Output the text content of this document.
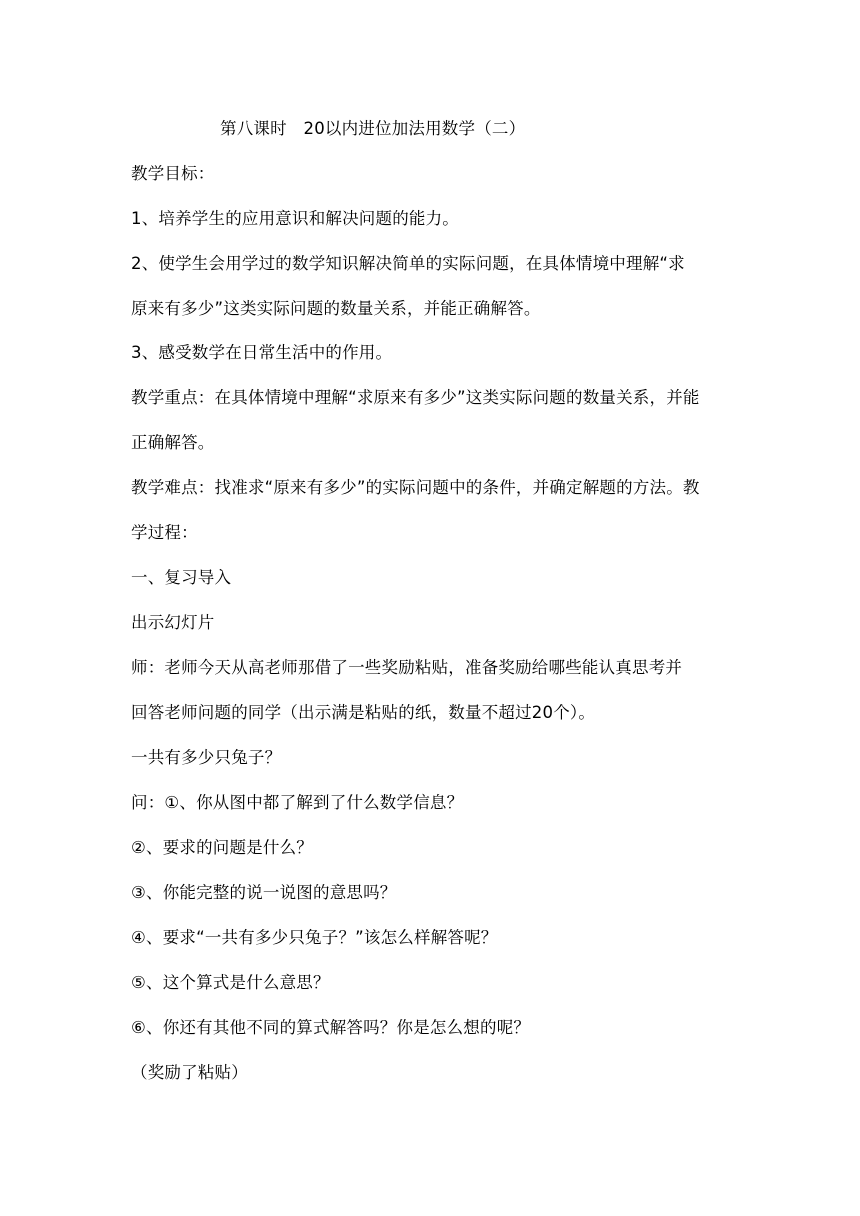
第八课时　20以内进位加法用数学（二）
教学目标：
1、培养学生的应用意识和解决问题的能力。
2、使学生会用学过的数学知识解决简单的实际问题，在具体情境中理解“求
原来有多少”这类实际问题的数量关系，并能正确解答。
3、感受数学在日常生活中的作用。
教学重点：在具体情境中理解“求原来有多少”这类实际问题的数量关系，并能
正确解答。
教学难点：找准求“原来有多少”的实际问题中的条件，并确定解题的方法。教
学过程：
一、复习导入
出示幻灯片
师：老师今天从高老师那借了一些奖励粘贴，准备奖励给哪些能认真思考并
回答老师问题的同学（出示满是粘贴的纸，数量不超过20个）。
一共有多少只兔子？
问：①、你从图中都了解到了什么数学信息？
②、要求的问题是什么？
③、你能完整的说一说图的意思吗？
④、要求“一共有多少只兔子？”该怎么样解答呢？
⑤、这个算式是什么意思？
⑥、你还有其他不同的算式解答吗？你是怎么想的呢？
（奖励了粘贴）
